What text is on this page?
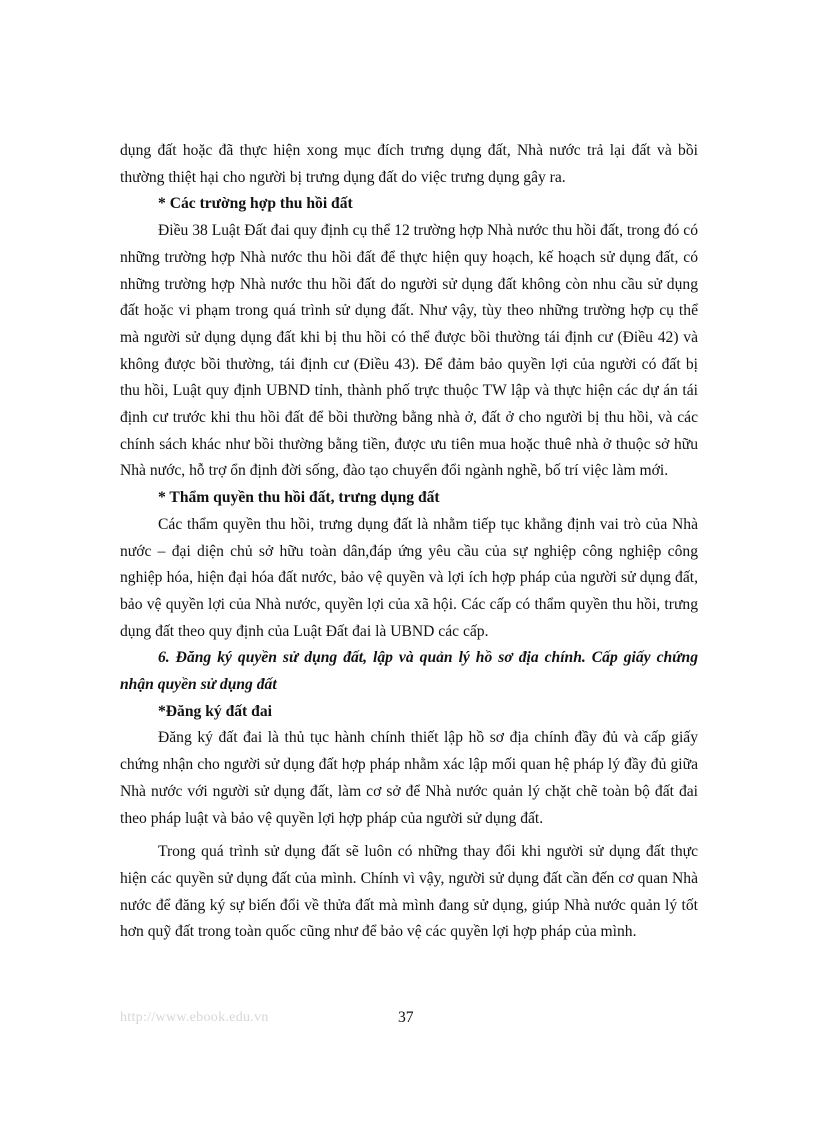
dụng đất hoặc đã thực hiện xong mục đích trưng dụng đất, Nhà nước trả lại đất và bồi thường thiệt hại cho người bị trưng dụng đất do việc trưng dụng gây ra.

* Các trường hợp thu hồi đất

Điều 38 Luật Đất đai quy định cụ thể 12 trường hợp Nhà nước thu hồi đất, trong đó có những trường hợp Nhà nước thu hồi đất để thực hiện quy hoạch, kế hoạch sử dụng đất, có những trường hợp Nhà nước thu hồi đất do người sử dụng đất không còn nhu cầu sử dụng đất hoặc vi phạm trong quá trình sử dụng đất. Như vậy, tùy theo những trường hợp cụ thể mà người sử dụng dụng đất khi bị thu hồi có thể được bồi thường tái định cư (Điều 42) và không được bồi thường, tái định cư (Điều 43). Để đảm bảo quyền lợi của người có đất bị thu hồi, Luật quy định UBND tỉnh, thành phố trực thuộc TW lập và thực hiện các dự án tái định cư trước khi thu hồi đất để bồi thường bằng nhà ở, đất ở cho người bị thu hồi, và các chính sách khác như bồi thường bằng tiền, được ưu tiên mua hoặc thuê nhà ở thuộc sở hữu Nhà nước, hỗ trợ ổn định đời sống, đào tạo chuyển đổi ngành nghề, bố trí việc làm mới.

* Thẩm quyền thu hồi đất, trưng dụng đất

Các thẩm quyền thu hồi, trưng dụng đất là nhằm tiếp tục khẳng định vai trò của Nhà nước – đại diện chủ sở hữu toàn dân,đáp ứng yêu cầu của sự nghiệp công nghiệp công nghiệp hóa, hiện đại hóa đất nước, bảo vệ quyền và lợi ích hợp pháp của người sử dụng đất, bảo vệ quyền lợi của Nhà nước, quyền lợi của xã hội. Các cấp có thẩm quyền thu hồi, trưng dụng đất theo quy định của Luật Đất đai là UBND các cấp.

6. Đăng ký quyền sử dụng đất, lập và quản lý hồ sơ địa chính. Cấp giấy chứng nhận quyền sử dụng đất

*Đăng ký đất đai

Đăng ký đất đai là thủ tục hành chính thiết lập hồ sơ địa chính đầy đủ và cấp giấy chứng nhận cho người sử dụng đất hợp pháp nhằm xác lập mối quan hệ pháp lý đầy đủ giữa Nhà nước với người sử dụng đất, làm cơ sở để Nhà nước quản lý chặt chẽ toàn bộ đất đai theo pháp luật và bảo vệ quyền lợi hợp pháp của người sử dụng đất.

Trong quá trình sử dụng đất sẽ luôn có những thay đổi khi người sử dụng đất thực hiện các quyền sử dụng đất của mình. Chính vì vậy, người sử dụng đất cần đến cơ quan Nhà nước để đăng ký sự biến đổi về thửa đất mà mình đang sử dụng, giúp Nhà nước quản lý tốt hơn quỹ đất trong toàn quốc cũng như để bảo vệ các quyền lợi hợp pháp của mình.

http://www.ebook.edu.vn	37
